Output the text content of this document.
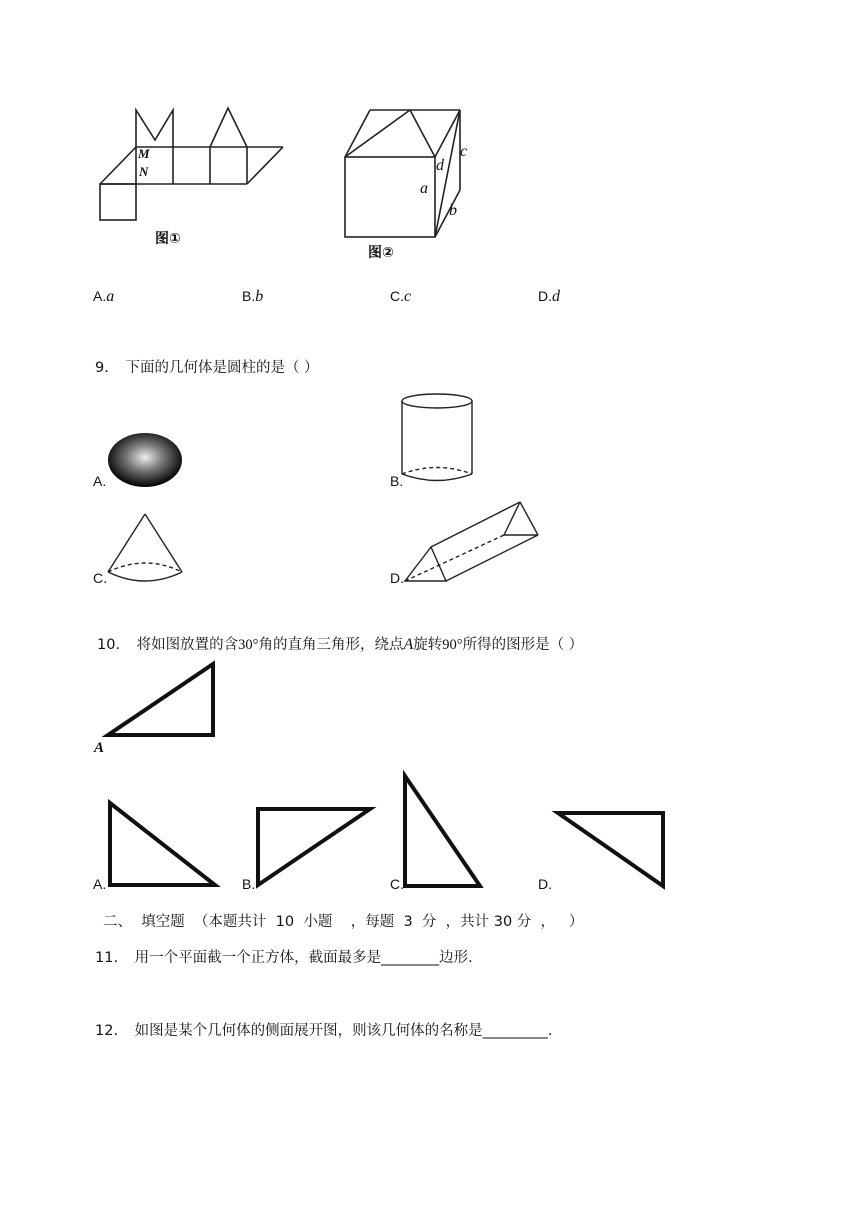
M
N
图①
a
d
c
b
图②
A.a	B.b	C.c	D.d
9. 下面的几何体是圆柱的是（ ）
A.	B.
C.	D.
10. 将如图放置的含30°角的直角三角形，绕点A旋转90°所得的图形是（ ）
A
A.	B.	C.	D.
二、  填空题  （本题共计  10  小题    ，每题  3  分  ，共计 30 分  ，   ）
11. 用一个平面截一个正方体，截面最多是________边形.
12. 如图是某个几何体的侧面展开图，则该几何体的名称是_________.
